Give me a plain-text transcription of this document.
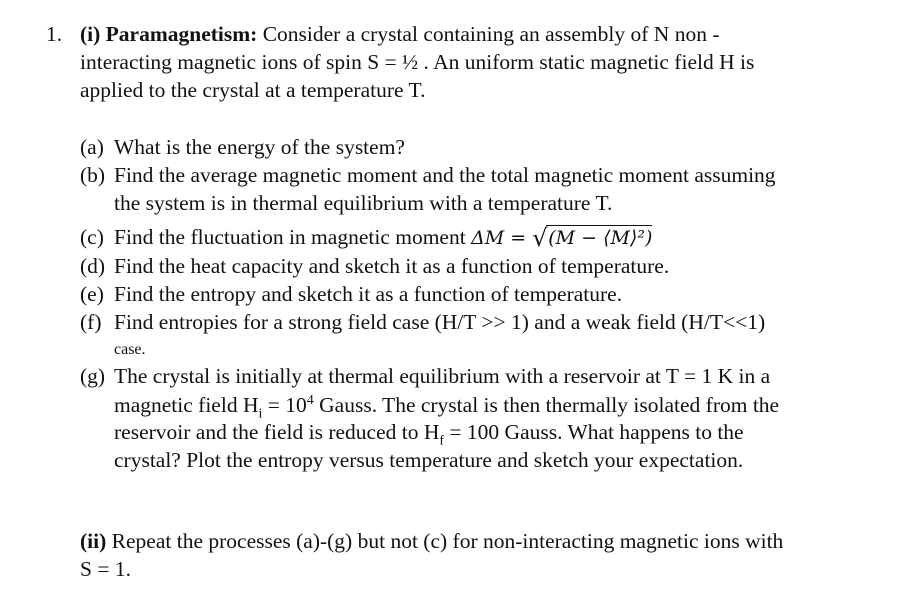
1. (i) Paramagnetism: Consider a crystal containing an assembly of N non -
interacting magnetic ions of spin S = ½ . An uniform static magnetic field H is
applied to the crystal at a temperature T.
(a) What is the energy of the system?
(b) Find the average magnetic moment and the total magnetic moment assuming
the system is in thermal equilibrium with a temperature T.
(c) Find the fluctuation in magnetic moment ΔM = √ (M − ⟨M⟩²)
(d) Find the heat capacity and sketch it as a function of temperature.
(e) Find the entropy and sketch it as a function of temperature.
(f) Find entropies for a strong field case (H/T >> 1) and a weak field (H/T<<1)
case.
(g) The crystal is initially at thermal equilibrium with a reservoir at T = 1 K in a
magnetic field $H_i = 10^4$ Gauss. The crystal is then thermally isolated from the
reservoir and the field is reduced to $H_f = 100$ Gauss. What happens to the
crystal? Plot the entropy versus temperature and sketch your expectation.
(ii) Repeat the processes (a)-(g) but not (c) for non-interacting magnetic ions with
S = 1.
